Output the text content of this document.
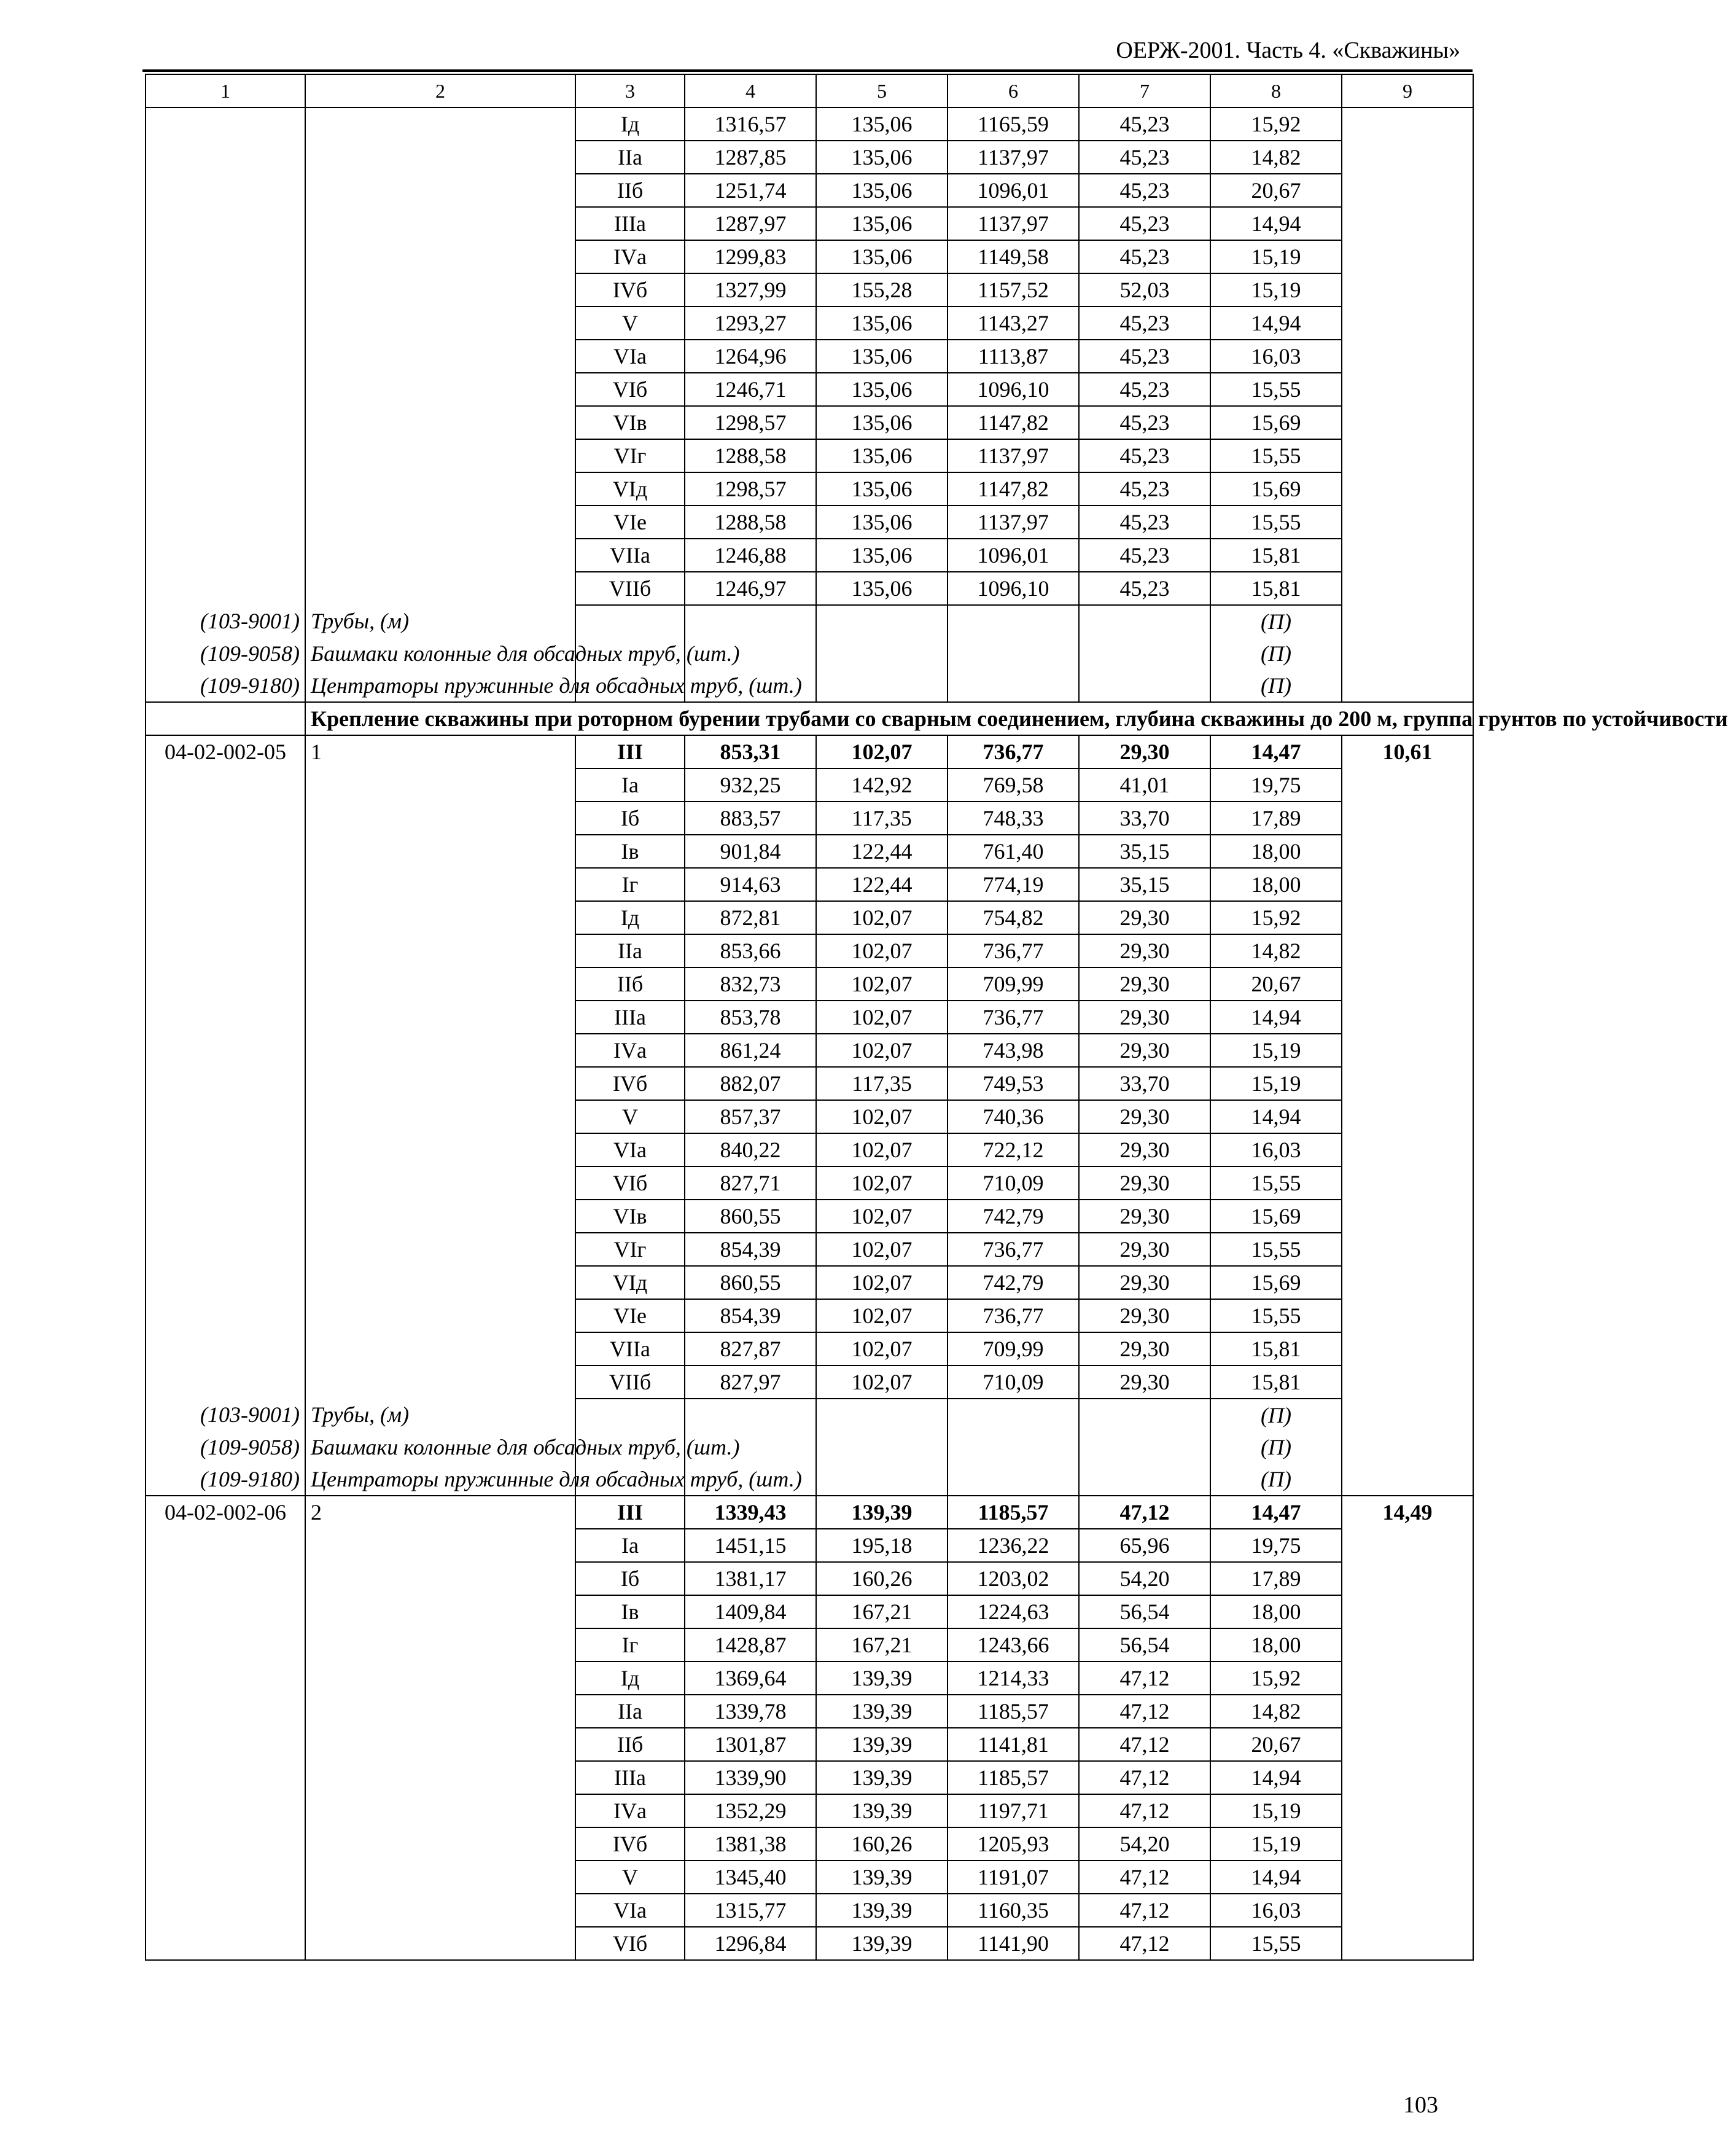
ОЕРЖ-2001. Часть 4. «Скважины»
1	2	3	4	5	6	7	8	9
		Iд	1316,57	135,06	1165,59	45,23	15,92	
		IIа	1287,85	135,06	1137,97	45,23	14,82	
		IIб	1251,74	135,06	1096,01	45,23	20,67	
		IIIа	1287,97	135,06	1137,97	45,23	14,94	
		IVа	1299,83	135,06	1149,58	45,23	15,19	
		IVб	1327,99	155,28	1157,52	52,03	15,19	
		V	1293,27	135,06	1143,27	45,23	14,94	
		VIа	1264,96	135,06	1113,87	45,23	16,03	
		VIб	1246,71	135,06	1096,10	45,23	15,55	
		VIв	1298,57	135,06	1147,82	45,23	15,69	
		VIг	1288,58	135,06	1137,97	45,23	15,55	
		VIд	1298,57	135,06	1147,82	45,23	15,69	
		VIе	1288,58	135,06	1137,97	45,23	15,55	
		VIIа	1246,88	135,06	1096,01	45,23	15,81	
		VIIб	1246,97	135,06	1096,10	45,23	15,81	
(103-9001)	Трубы, (м)						(П)	
(109-9058)	Башмаки колонные для обсадных труб, (шт.)						(П)	
(109-9180)	Центраторы пружинные для обсадных труб, (шт.)						(П)	
	Крепление скважины при роторном бурении трубами со сварным соединением, глубина скважины до 200 м, группа грунтов по устойчивости							
04-02-002-05	1	III	853,31	102,07	736,77	29,30	14,47	10,61
		Iа	932,25	142,92	769,58	41,01	19,75	
		Iб	883,57	117,35	748,33	33,70	17,89	
		Iв	901,84	122,44	761,40	35,15	18,00	
		Iг	914,63	122,44	774,19	35,15	18,00	
		Iд	872,81	102,07	754,82	29,30	15,92	
		IIа	853,66	102,07	736,77	29,30	14,82	
		IIб	832,73	102,07	709,99	29,30	20,67	
		IIIа	853,78	102,07	736,77	29,30	14,94	
		IVа	861,24	102,07	743,98	29,30	15,19	
		IVб	882,07	117,35	749,53	33,70	15,19	
		V	857,37	102,07	740,36	29,30	14,94	
		VIа	840,22	102,07	722,12	29,30	16,03	
		VIб	827,71	102,07	710,09	29,30	15,55	
		VIв	860,55	102,07	742,79	29,30	15,69	
		VIг	854,39	102,07	736,77	29,30	15,55	
		VIд	860,55	102,07	742,79	29,30	15,69	
		VIе	854,39	102,07	736,77	29,30	15,55	
		VIIа	827,87	102,07	709,99	29,30	15,81	
		VIIб	827,97	102,07	710,09	29,30	15,81	
(103-9001)	Трубы, (м)						(П)	
(109-9058)	Башмаки колонные для обсадных труб, (шт.)						(П)	
(109-9180)	Центраторы пружинные для обсадных труб, (шт.)						(П)	
04-02-002-06	2	III	1339,43	139,39	1185,57	47,12	14,47	14,49
		Iа	1451,15	195,18	1236,22	65,96	19,75	
		Iб	1381,17	160,26	1203,02	54,20	17,89	
		Iв	1409,84	167,21	1224,63	56,54	18,00	
		Iг	1428,87	167,21	1243,66	56,54	18,00	
		Iд	1369,64	139,39	1214,33	47,12	15,92	
		IIа	1339,78	139,39	1185,57	47,12	14,82	
		IIб	1301,87	139,39	1141,81	47,12	20,67	
		IIIа	1339,90	139,39	1185,57	47,12	14,94	
		IVа	1352,29	139,39	1197,71	47,12	15,19	
		IVб	1381,38	160,26	1205,93	54,20	15,19	
		V	1345,40	139,39	1191,07	47,12	14,94	
		VIа	1315,77	139,39	1160,35	47,12	16,03	
		VIб	1296,84	139,39	1141,90	47,12	15,55	
103
